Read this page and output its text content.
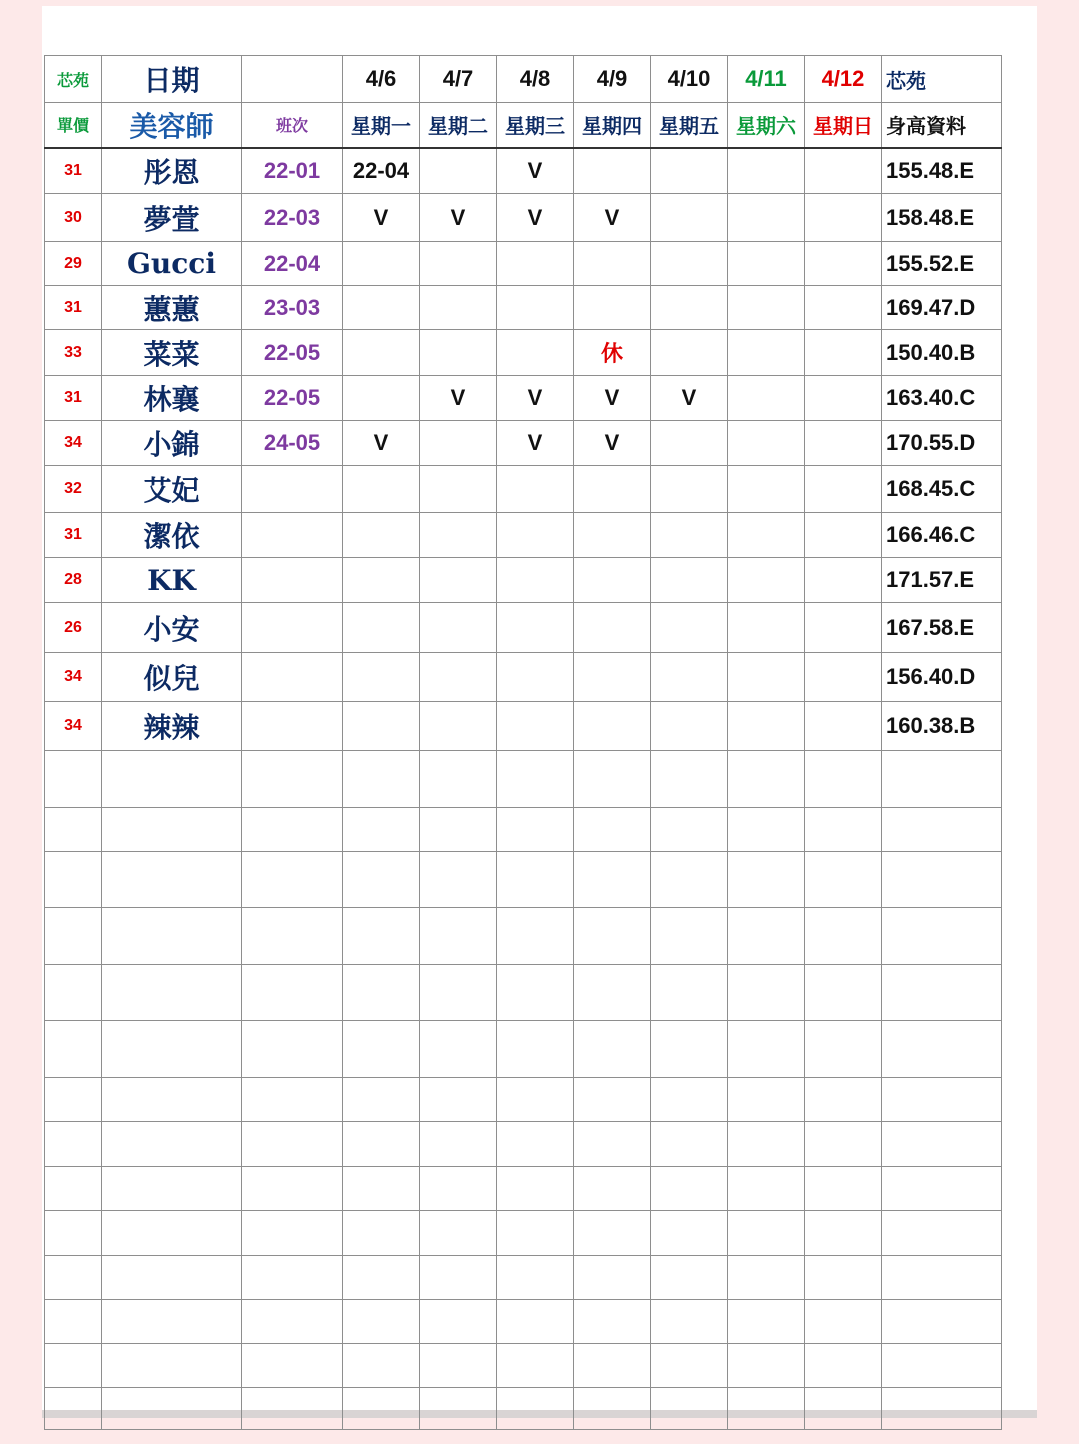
芯苑	日期		4/6	4/7	4/8	4/9	4/10	4/11	4/12	芯苑
單價	美容師	班次	星期一	星期二	星期三	星期四	星期五	星期六	星期日	身高資料
31	彤恩	22-01	22-04		V					155.48.E
30	夢萱	22-03	V	V	V	V				158.48.E
29	Gucci	22-04								155.52.E
31	蕙蕙	23-03								169.47.D
33	菜菜	22-05				休				150.40.B
31	林襄	22-05		V	V	V	V			163.40.C
34	小錦	24-05	V		V	V				170.55.D
32	艾妃									168.45.C
31	潔依									166.46.C
28	KK									171.57.E
26	小安									167.58.E
34	似兒									156.40.D
34	辣辣									160.38.B
